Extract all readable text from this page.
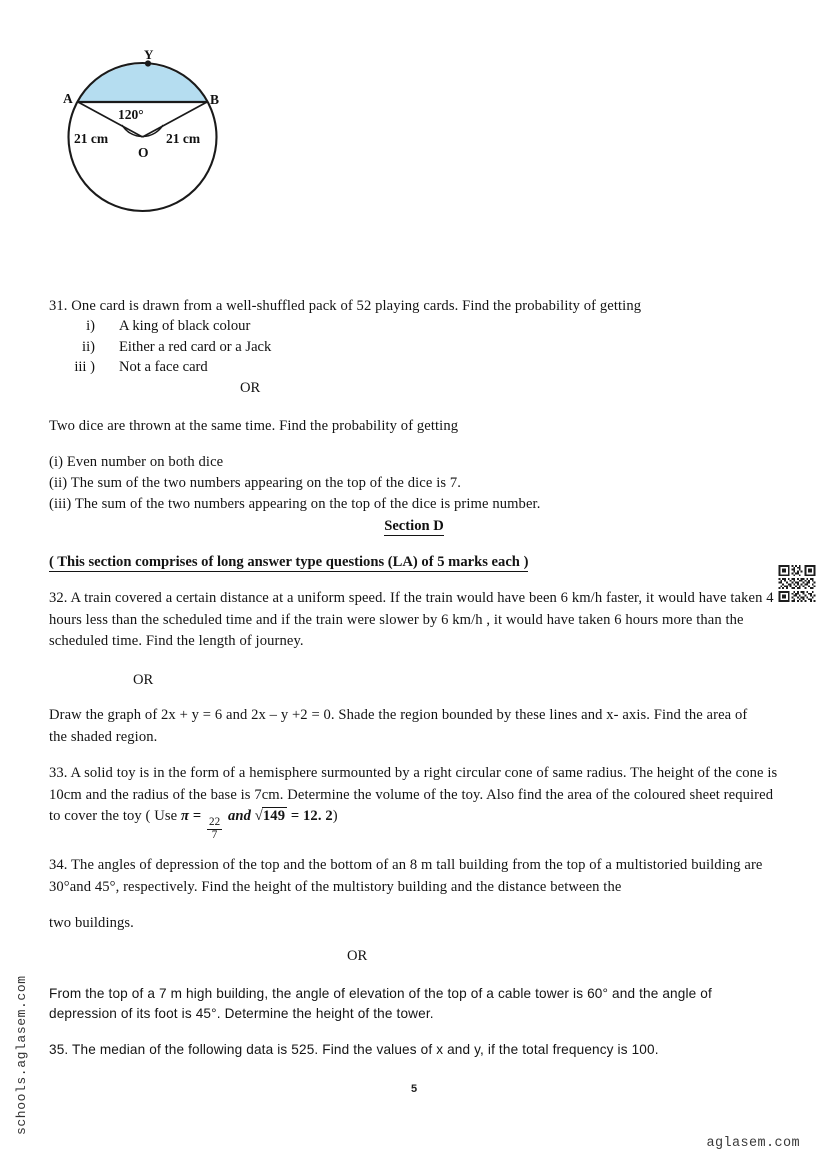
Y
A	B
120°
21 cm	21 cm
O
31. One card is drawn from a well-shuffled pack of 52 playing cards. Find the probability of getting
i)	A king of black colour
ii)	Either a red card or a Jack
iii )	Not a face card
OR
Two dice are thrown at the same time. Find the probability of getting
(i) Even number on both dice
(ii) The sum of the two numbers appearing on the top of the dice is 7.
(iii) The sum of the two numbers appearing on the top of the dice is prime number.
Section D
( This section comprises of long answer type questions (LA) of 5 marks each )
32. A train covered a certain distance at a uniform speed. If the train would have been 6 km/h faster, it would have taken 4 hours less than the scheduled time and if the train were slower by 6 km/h , it would have taken 6 hours more than the scheduled time. Find the length of journey.
OR
Draw the graph of 2x + y = 6 and 2x – y +2 = 0. Shade the region bounded by these lines and x- axis. Find the area of the shaded region.
33. A solid toy is in the form of a hemisphere surmounted by a right circular cone of same radius. The height of the cone is 10cm and the radius of the base is 7cm. Determine the volume of the toy. Also find the area of the coloured sheet required to cover the toy ( Use π =
$\frac{22}{7}$
and √149 = 12. 2)
34. The angles of depression of the top and the bottom of an 8 m tall building from the top of a multistoried building are 30°and 45°, respectively. Find the height of the multistory building and the distance between the
two buildings.
OR
From the top of a 7 m high building, the angle of elevation of the top of a cable tower is 60° and the angle of depression of its foot is 45°. Determine the height of the tower.
35. The median of the following data is 525. Find the values of x and y, if the total frequency is 100.
5
schools.aglasem.com
aglasem.com
